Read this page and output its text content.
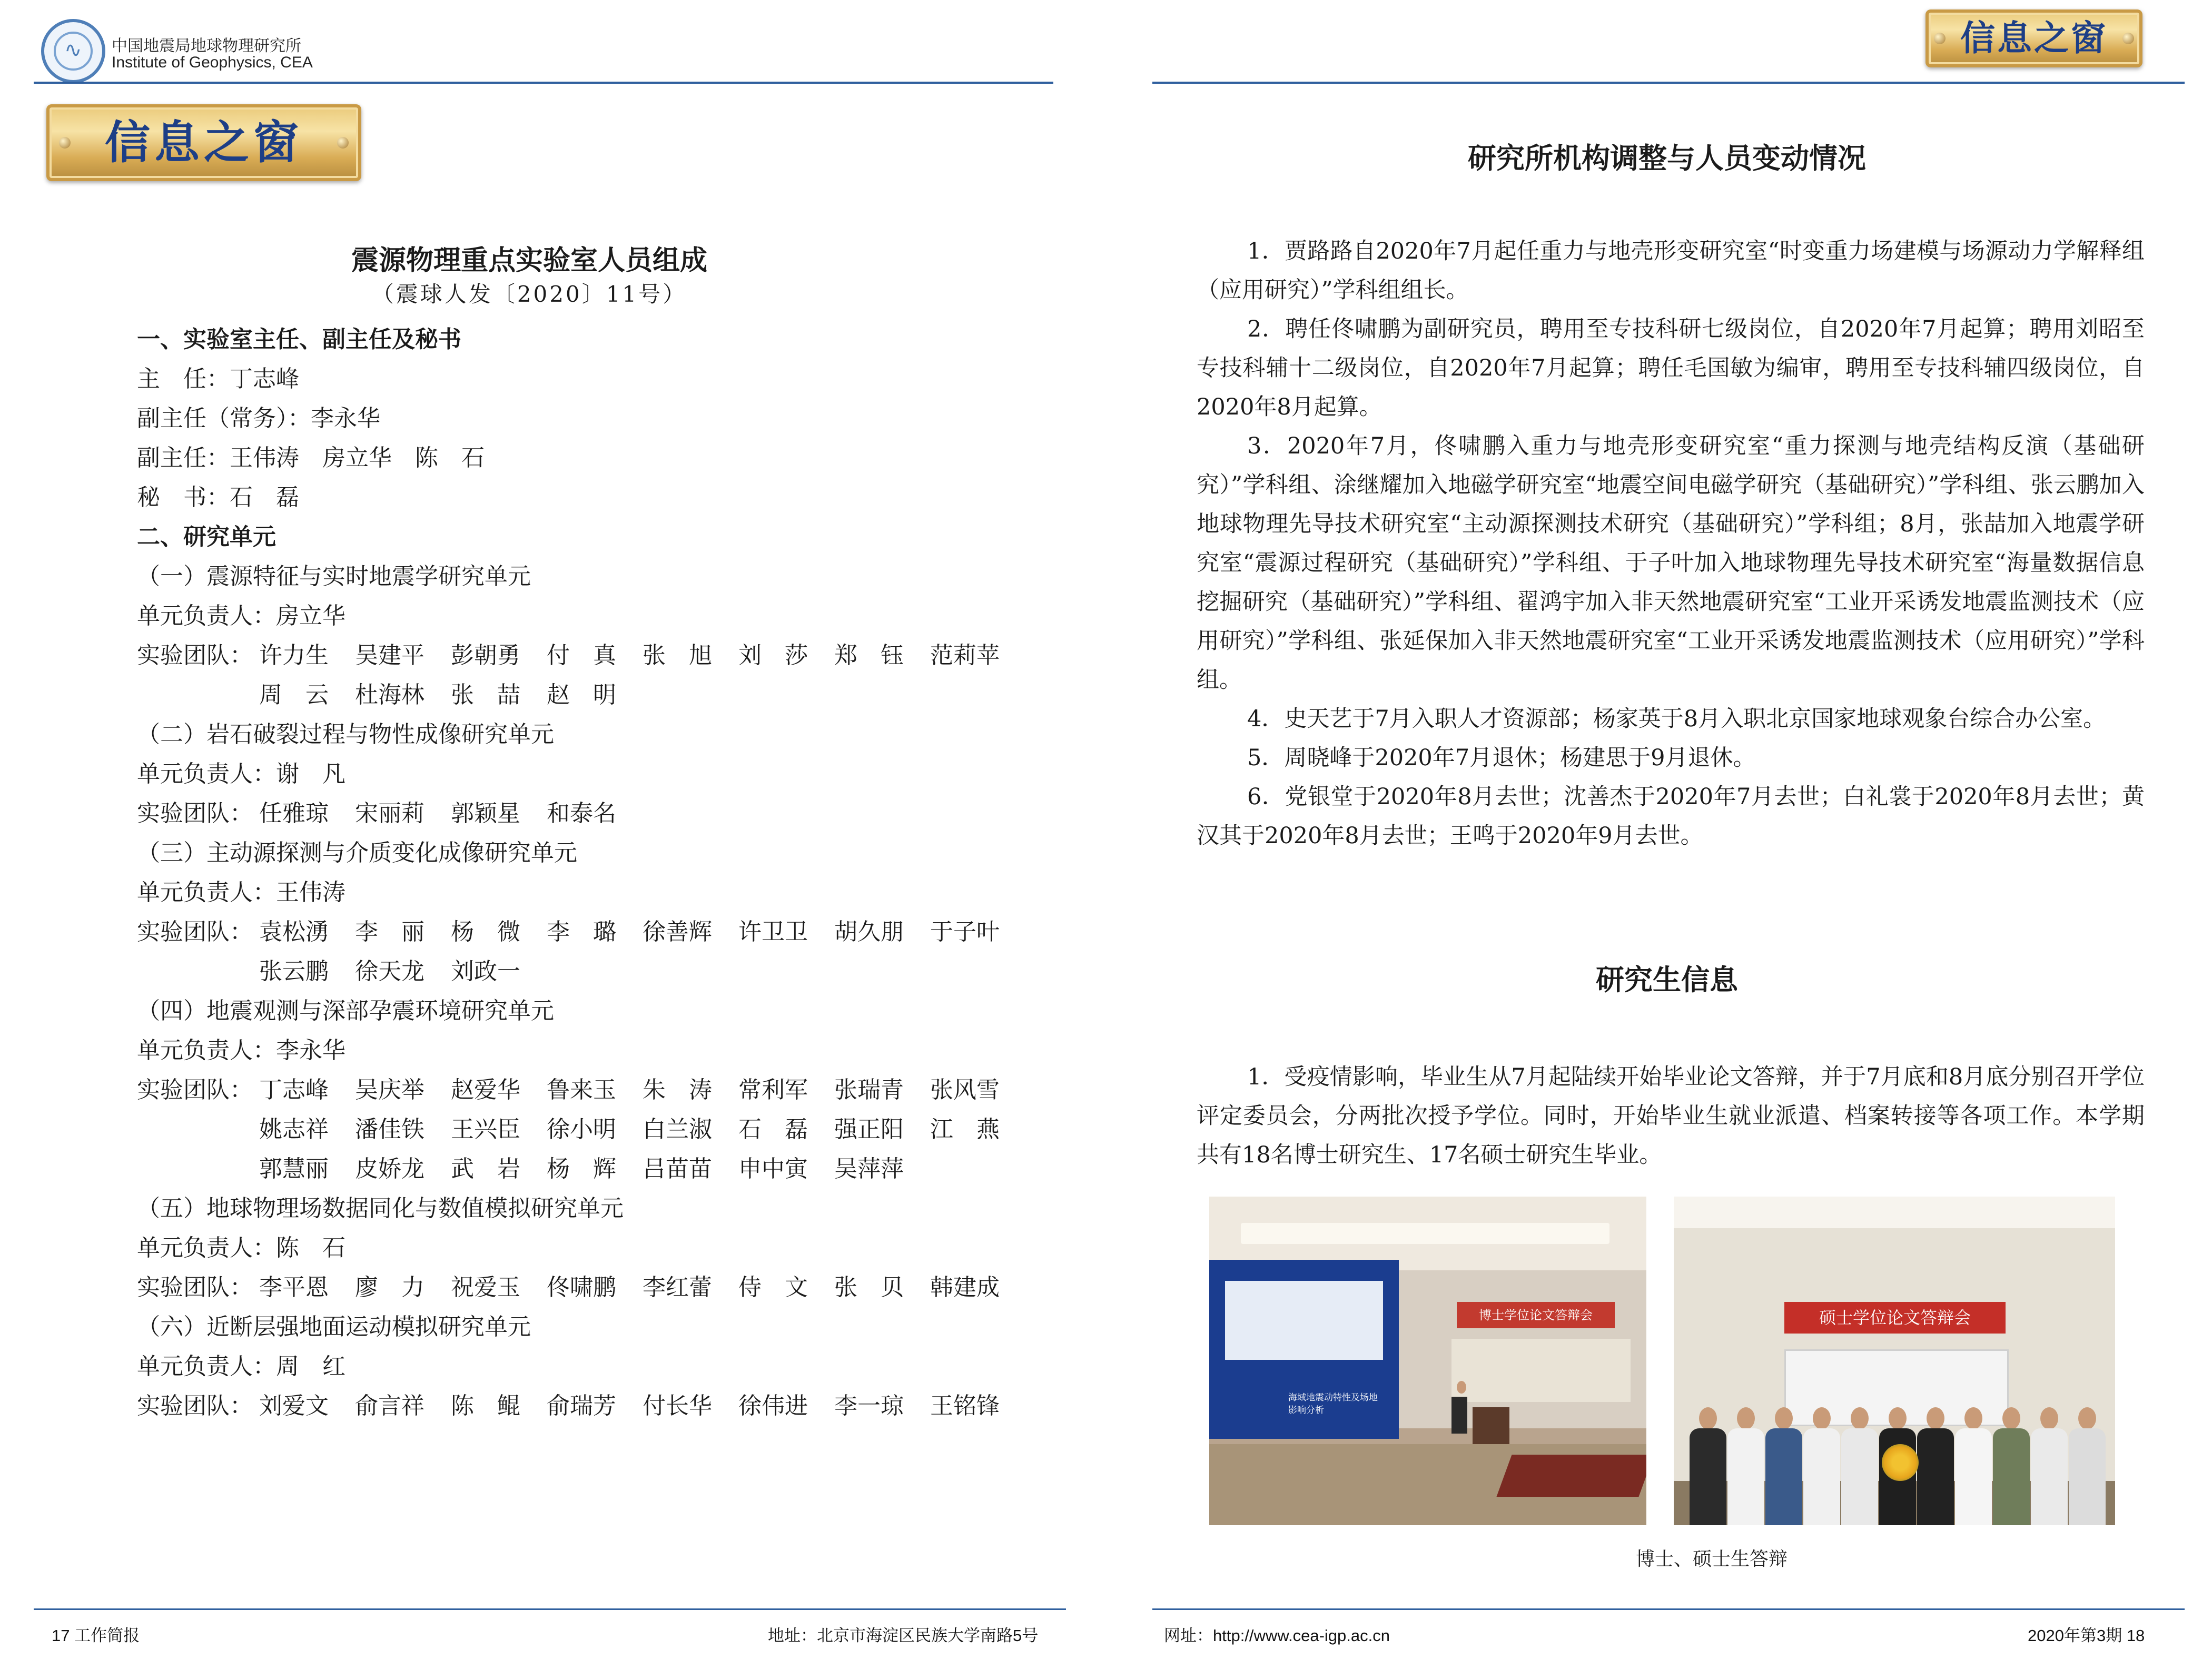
∿ 中国地震局地球物理研究所
Institute of Geophysics, CEA
信息之窗
信息之窗
震源物理重点实验室人员组成
（震球人发〔2020〕11号）
一、实验室主任、副主任及秘书
主　任：丁志峰
副主任（常务）：李永华
副主任：王伟涛　房立华　陈　石
秘　书：石　磊
二、研究单元
（一）震源特征与实时地震学研究单元
单元负责人：房立华
实验团队： 许力生	吴建平	彭朝勇	付　真	张　旭	刘　莎	郑　钰	范莉苹
周　云	杜海林	张　喆	赵　明
（二）岩石破裂过程与物性成像研究单元
单元负责人：谢　凡
实验团队： 任雅琼	宋丽莉	郭颖星	和泰名
（三）主动源探测与介质变化成像研究单元
单元负责人：王伟涛
实验团队： 袁松湧	李　丽	杨　微	李　璐	徐善辉	许卫卫	胡久朋	于子叶
张云鹏	徐天龙	刘政一
（四）地震观测与深部孕震环境研究单元
单元负责人：李永华
实验团队： 丁志峰	吴庆举	赵爱华	鲁来玉	朱　涛	常利军	张瑞青	张风雪
姚志祥	潘佳铁	王兴臣	徐小明	白兰淑	石　磊	强正阳	江　燕
郭慧丽	皮娇龙	武　岩	杨　辉	吕苗苗	申中寅	吴萍萍
（五）地球物理场数据同化与数值模拟研究单元
单元负责人：陈　石
实验团队： 李平恩	廖　力	祝爱玉	佟啸鹏	李红蕾	侍　文	张　贝	韩建成
（六）近断层强地面运动模拟研究单元
单元负责人：周　红
实验团队： 刘爱文	俞言祥	陈　鲲	俞瑞芳	付长华	徐伟进	李一琼	王铭锋
研究所机构调整与人员变动情况

1．贾路路自2020年7月起任重力与地壳形变研究室“时变重力场建模与场源动力学解释组（应用研究）”学科组组长。

2．聘任佟啸鹏为副研究员，聘用至专技科研七级岗位，自2020年7月起算；聘用刘昭至专技科辅十二级岗位，自2020年7月起算；聘任毛国敏为编审，聘用至专技科辅四级岗位，自2020年8月起算。

3．2020年7月，佟啸鹏入重力与地壳形变研究室“重力探测与地壳结构反演（基础研究）”学科组、涂继耀加入地磁学研究室“地震空间电磁学研究（基础研究）”学科组、张云鹏加入地球物理先导技术研究室“主动源探测技术研究（基础研究）”学科组；8月，张喆加入地震学研究室“震源过程研究（基础研究）”学科组、于子叶加入地球物理先导技术研究室“海量数据信息挖掘研究（基础研究）”学科组、翟鸿宇加入非天然地震研究室“工业开采诱发地震监测技术（应用研究）”学科组、张延保加入非天然地震研究室“工业开采诱发地震监测技术（应用研究）”学科组。

4．史天艺于7月入职人才资源部；杨家英于8月入职北京国家地球观象台综合办公室。

5．周晓峰于2020年7月退休；杨建思于9月退休。

6．党银堂于2020年8月去世；沈善杰于2020年7月去世；白礼裳于2020年8月去世；黄汉其于2020年8月去世；王鸣于2020年9月去世。

研究生信息

1．受疫情影响，毕业生从7月起陆续开始毕业论文答辩，并于7月底和8月底分别召开学位评定委员会，分两批次授予学位。同时，开始毕业生就业派遣、档案转接等各项工作。本学期共有18名博士研究生、17名硕士研究生毕业。

海域地震动特性及场地影响分析
博士学位论文答辩会	硕士学位论文答辩会
博士、硕士生答辩
17 工作简报	地址：北京市海淀区民族大学南路5号	网址：http://www.cea-igp.ac.cn	2020年第3期 18
